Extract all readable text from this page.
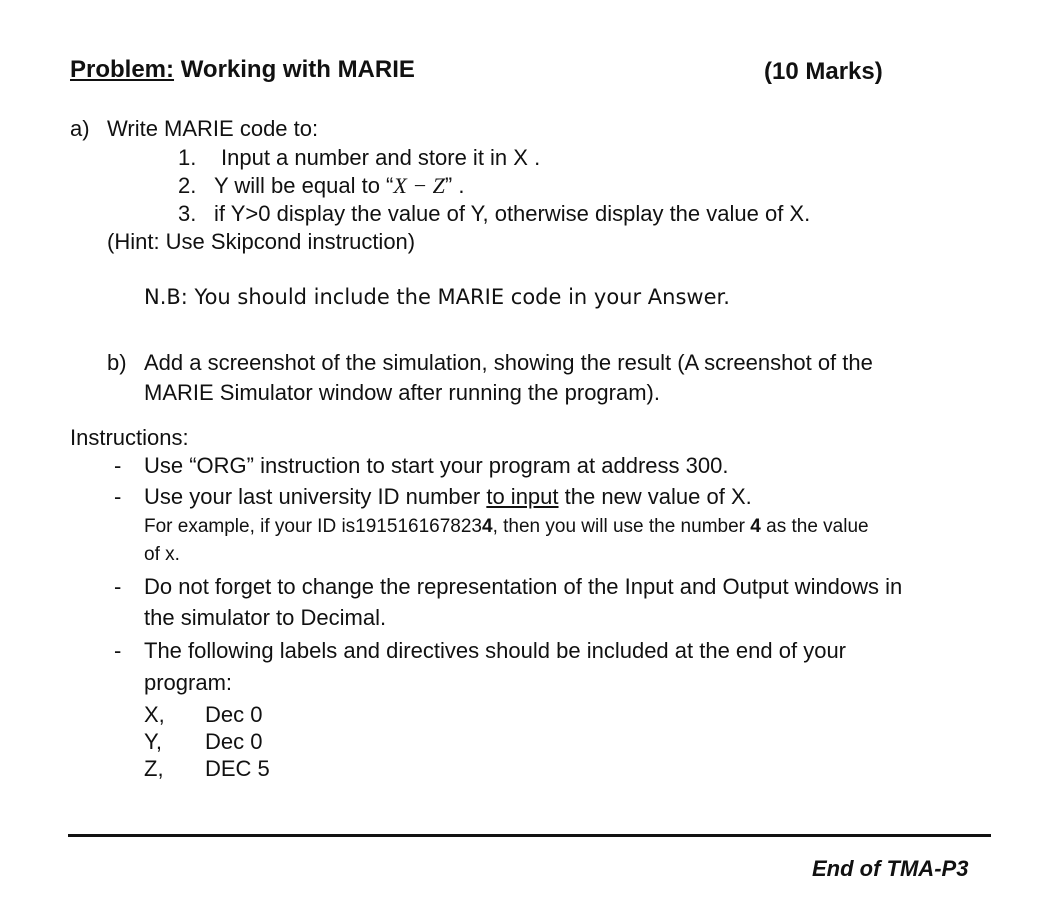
Problem: Working with MARIE	(10 Marks)
a) Write MARIE code to:
1. Input a number and store it in X .
2. Y will be equal to “X − Z” .
3. if Y>0 display the value of Y, otherwise display the value of X.
(Hint: Use Skipcond instruction)
N.B: You should include the MARIE code in your Answer.
b) Add a screenshot of the simulation, showing the result (A screenshot of the
MARIE Simulator window after running the program).
Instructions:
- Use “ORG” instruction to start your program at address 300.
- Use your last university ID number to input the new value of X.
For example, if your ID is1915161678234, then you will use the number 4 as the value
of x.
- Do not forget to change the representation of the Input and Output windows in
the simulator to Decimal.
- The following labels and directives should be included at the end of your
program:
X, Dec 0
Y, Dec 0
Z, DEC 5
End of TMA-P3
